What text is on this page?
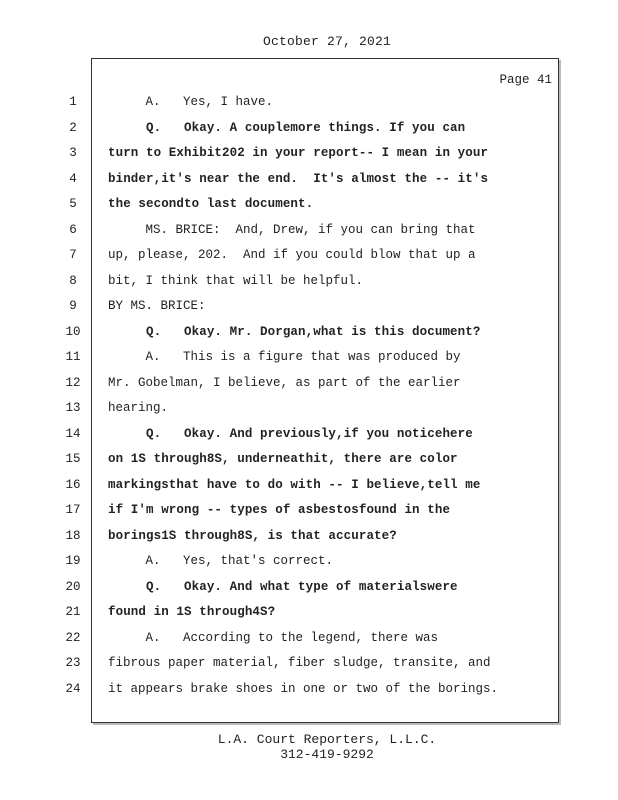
October 27, 2021
Page 41
1	A.   Yes, I have.
2	Q.   Okay. A couplemore things. If you can
3	turn to Exhibit202 in your report-- I mean in your
4	binder,it's near the end.  It's almost the -- it's
5	the secondto last document.
6	MS. BRICE:  And, Drew, if you can bring that
7	up, please, 202.  And if you could blow that up a
8	bit, I think that will be helpful.
9	BY MS. BRICE:
10	Q.   Okay. Mr. Dorgan,what is this document?
11	A.   This is a figure that was produced by
12	Mr. Gobelman, I believe, as part of the earlier
13	hearing.
14	Q.   Okay. And previously,if you noticehere
15	on 1S through8S, underneathit, there are color
16	markingsthat have to do with -- I believe,tell me
17	if I'm wrong -- types of asbestosfound in the
18	borings1S through8S, is that accurate?
19	A.   Yes, that's correct.
20	Q.   Okay. And what type of materialswere
21	found in 1S through4S?
22	A.   According to the legend, there was
23	fibrous paper material, fiber sludge, transite, and
24	it appears brake shoes in one or two of the borings.
L.A. Court Reporters, L.L.C.
312-419-9292
